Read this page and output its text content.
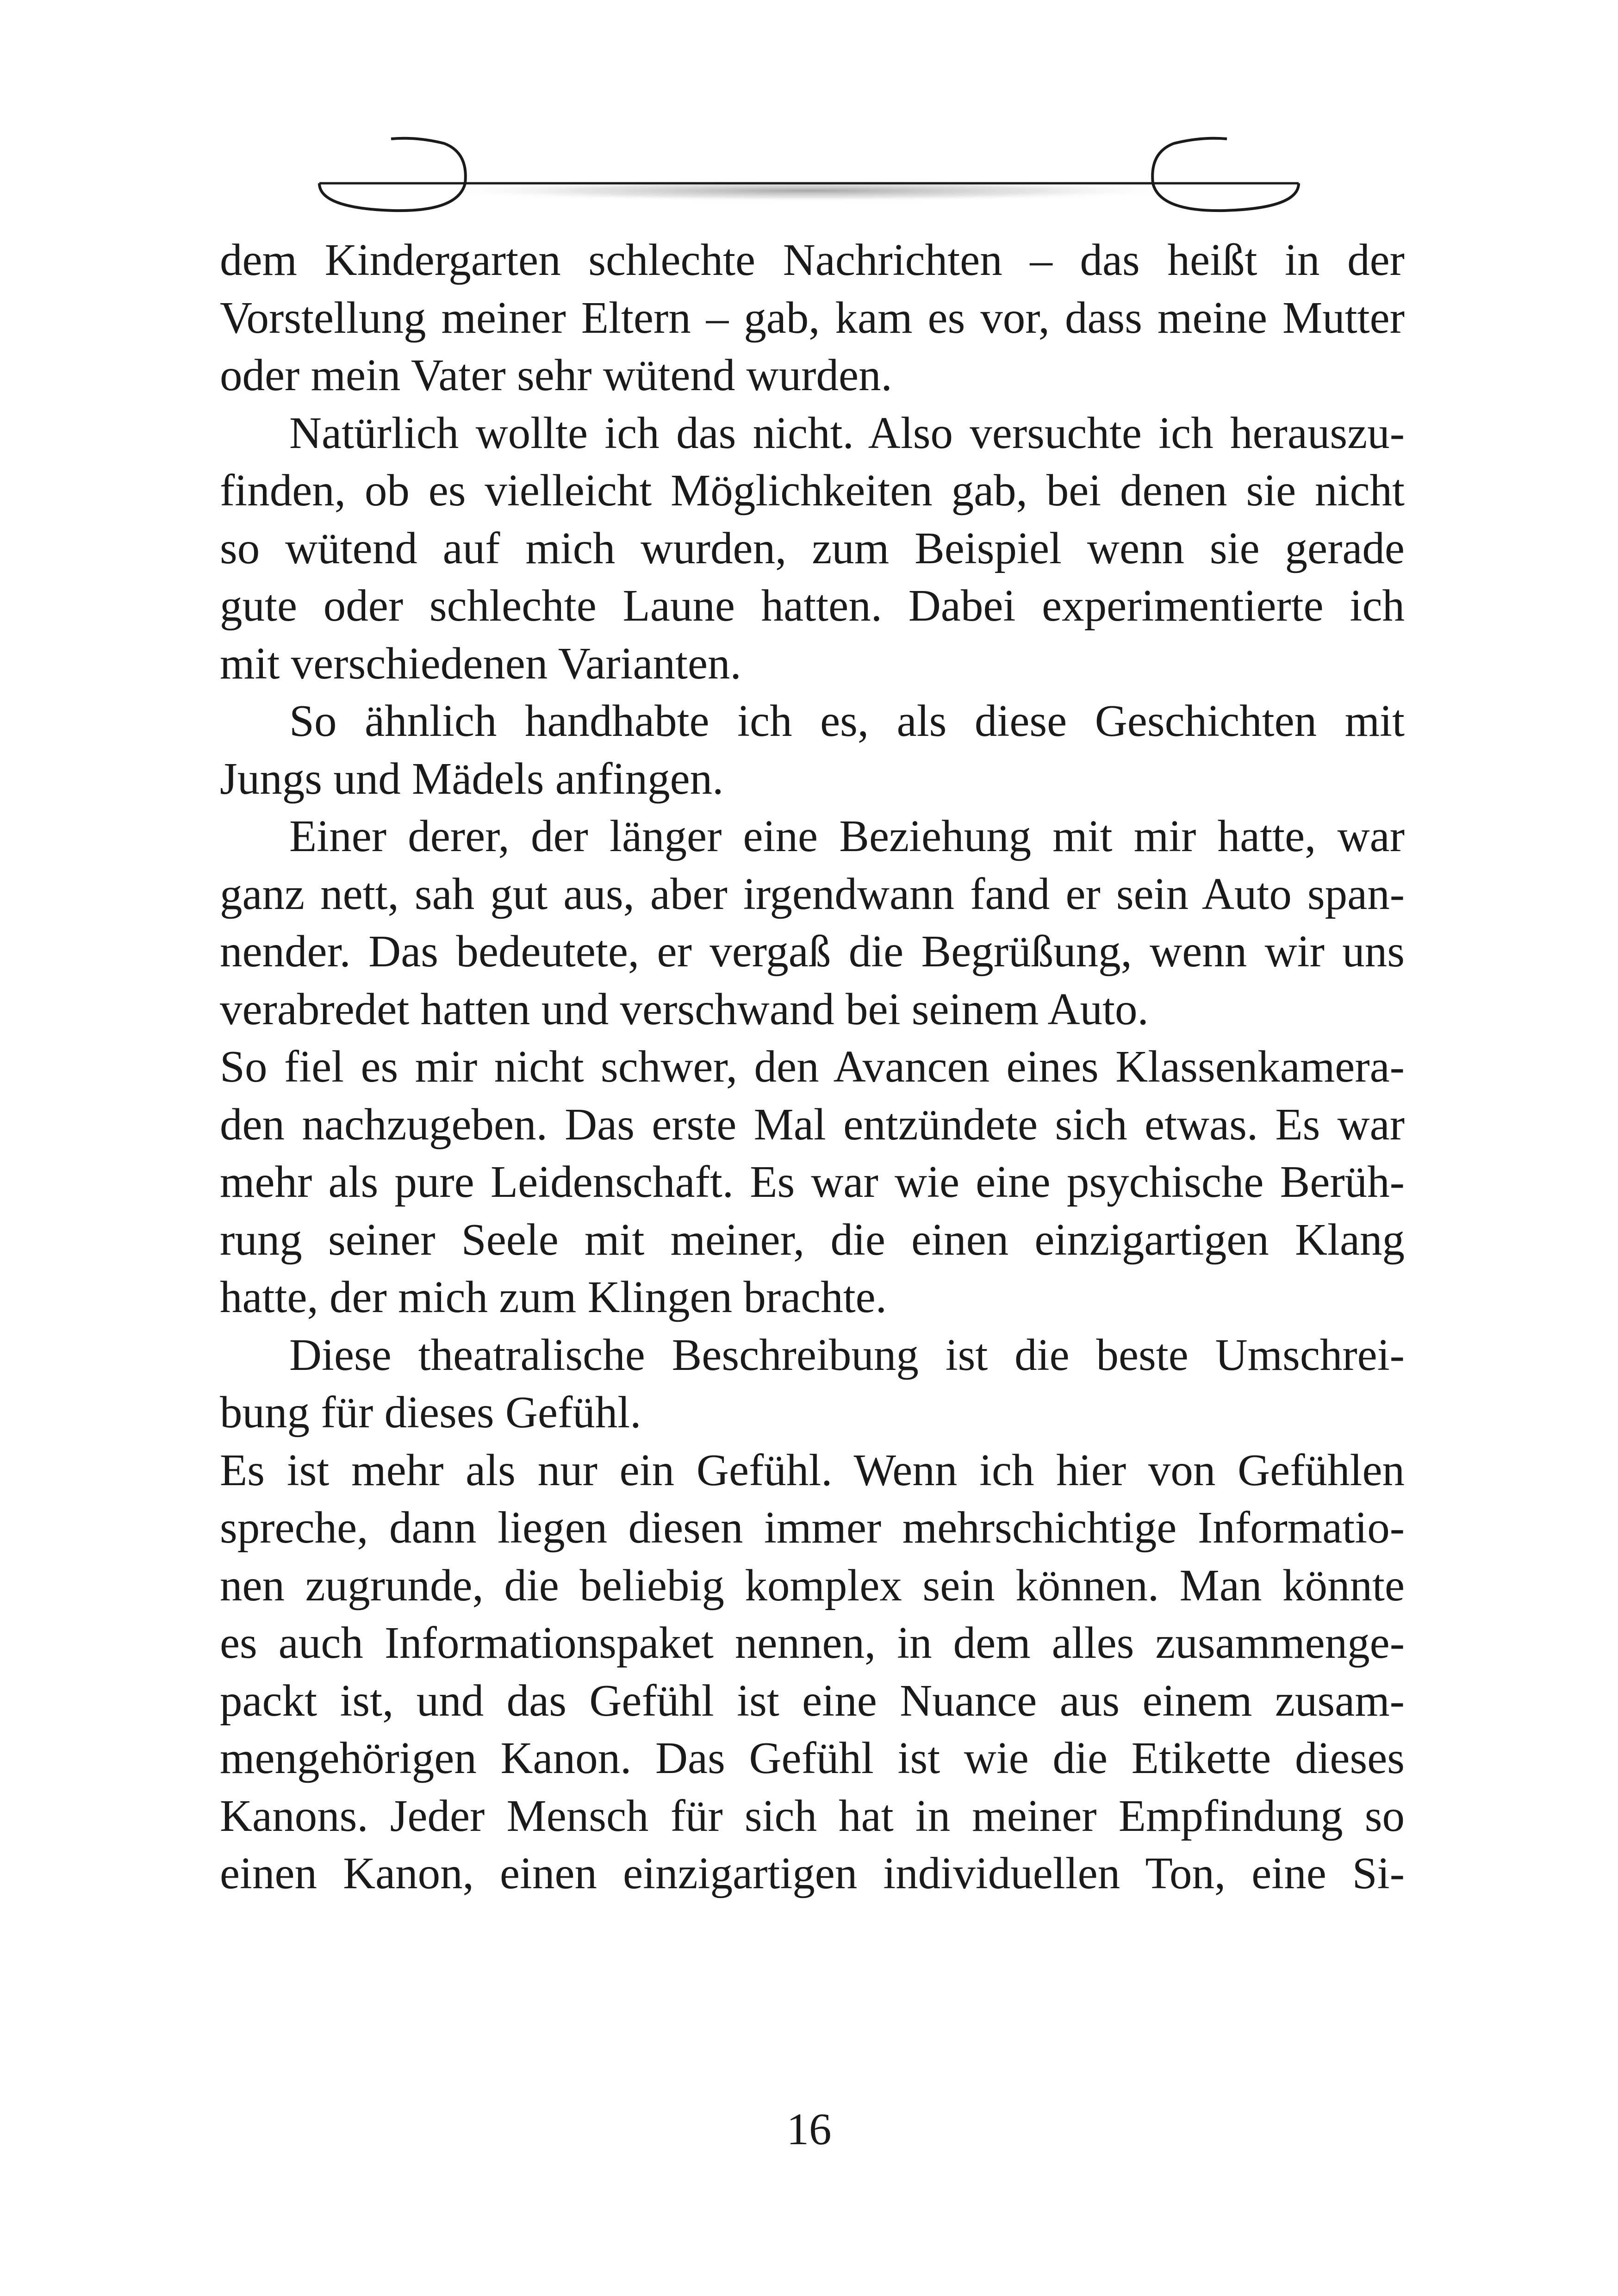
dem Kindergarten schlechte Nachrichten – das heißt in der
Vorstellung meiner Eltern – gab, kam es vor, dass meine Mutter
oder mein Vater sehr wütend wurden.
Natürlich wollte ich das nicht. Also versuchte ich herauszu-
finden, ob es vielleicht Möglichkeiten gab, bei denen sie nicht
so wütend auf mich wurden, zum Beispiel wenn sie gerade
gute oder schlechte Laune hatten. Dabei experimentierte ich
mit verschiedenen Varianten.
So ähnlich handhabte ich es, als diese Geschichten mit
Jungs und Mädels anfingen.
Einer derer, der länger eine Beziehung mit mir hatte, war
ganz nett, sah gut aus, aber irgendwann fand er sein Auto span-
nender. Das bedeutete, er vergaß die Begrüßung, wenn wir uns
verabredet hatten und verschwand bei seinem Auto.
So fiel es mir nicht schwer, den Avancen eines Klassenkamera-
den nachzugeben. Das erste Mal entzündete sich etwas. Es war
mehr als pure Leidenschaft. Es war wie eine psychische Berüh-
rung seiner Seele mit meiner, die einen einzigartigen Klang
hatte, der mich zum Klingen brachte.
Diese theatralische Beschreibung ist die beste Umschrei-
bung für dieses Gefühl.
Es ist mehr als nur ein Gefühl. Wenn ich hier von Gefühlen
spreche, dann liegen diesen immer mehrschichtige Informatio-
nen zugrunde, die beliebig komplex sein können. Man könnte
es auch Informationspaket nennen, in dem alles zusammenge-
packt ist, und das Gefühl ist eine Nuance aus einem zusam-
mengehörigen Kanon. Das Gefühl ist wie die Etikette dieses
Kanons. Jeder Mensch für sich hat in meiner Empfindung so
einen Kanon, einen einzigartigen individuellen Ton, eine Si-
16
